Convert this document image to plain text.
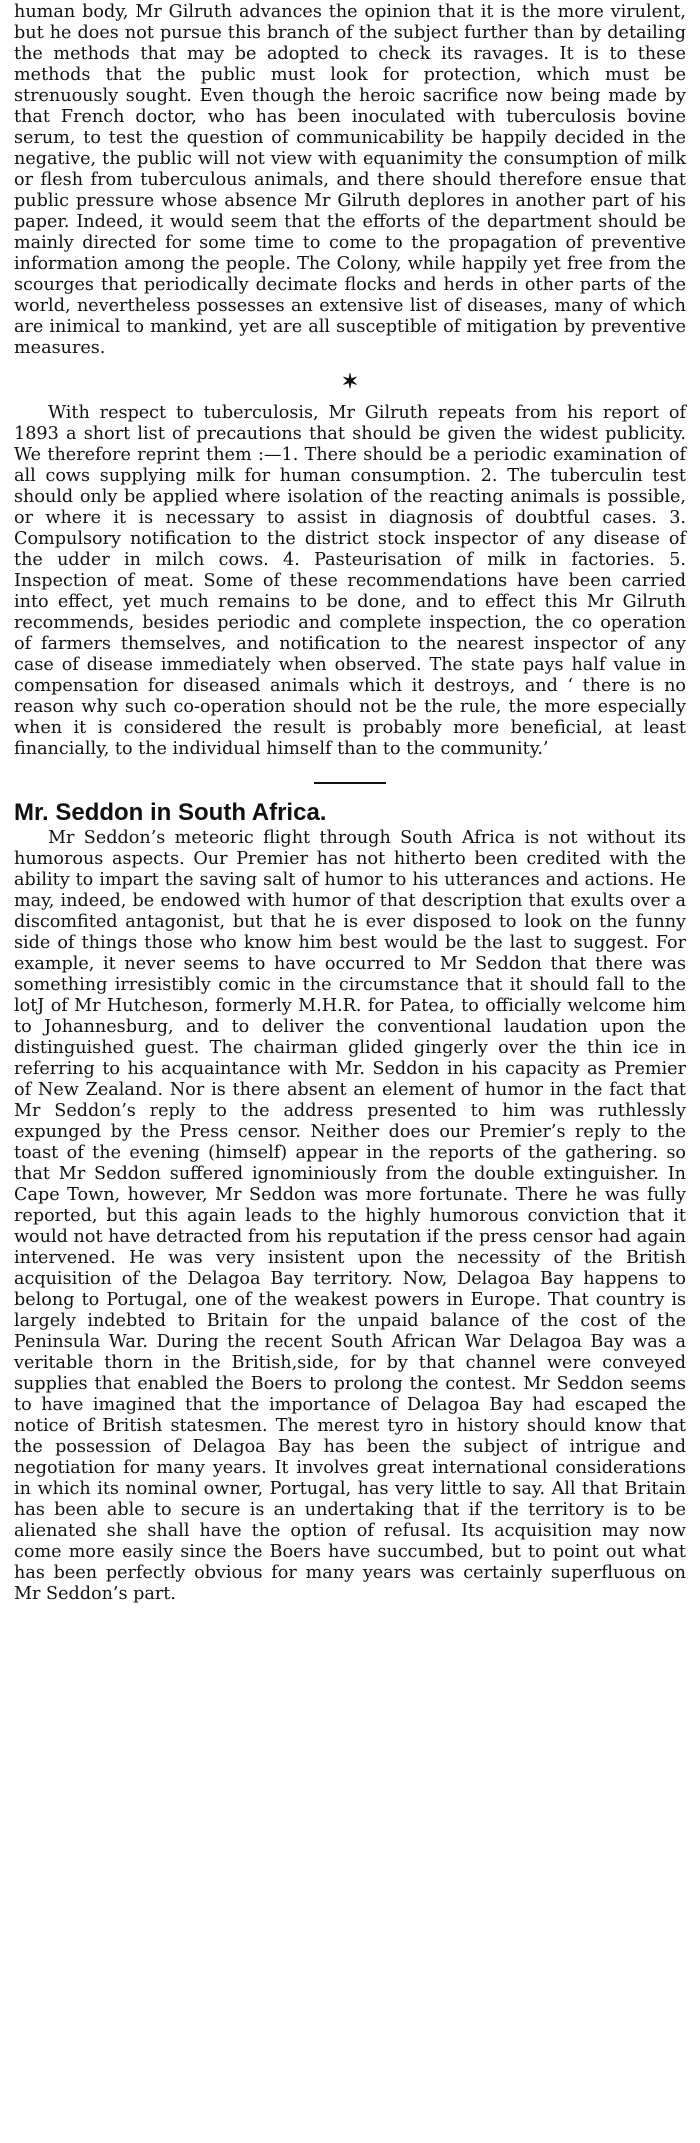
human body, Mr Gilruth advances the opinion that it is the more virulent, but he does not pursue this branch of the subject further than by detailing the methods that may be adopted to check its ravages. It is to these methods that the public must look for protection, which must be strenuously sought. Even though the heroic sacrifice now being made by that French doctor, who has been inoculated with tuberculosis bovine serum, to test the question of communicability be happily decided in the negative, the public will not view with equanimity the consumption of milk or flesh from tuberculous animals, and there should therefore ensue that public pressure whose absence Mr Gilruth deplores in another part of his paper. Indeed, it would seem that the efforts of the department should be mainly directed for some time to come to the propagation of preventive information among the people. The Colony, while happily yet free from the scourges that periodically decimate flocks and herds in other parts of the world, nevertheless possesses an extensive list of diseases, many of which are inimical to mankind, yet are all susceptible of mitigation by preventive measures.

✶

With respect to tuberculosis, Mr Gilruth repeats from his report of 1893 a short list of precautions that should be given the widest publicity. We therefore reprint them :—1. There should be a periodic examination of all cows supplying milk for human consumption. 2. The tuberculin test should only be applied where isolation of the reacting animals is possible, or where it is necessary to assist in diagnosis of doubtful cases. 3. Compulsory notification to the district stock inspector of any disease of the udder in milch cows. 4. Pasteurisation of milk in factories. 5. Inspection of meat. Some of these recommendations have been carried into effect, yet much remains to be done, and to effect this Mr Gilruth recommends, besides periodic and complete inspection, the co operation of farmers themselves, and notification to the nearest inspector of any case of disease immediately when observed. The state pays half value in compensation for diseased animals which it destroys, and ‘ there is no reason why such co-operation should not be the rule, the more especially when it is considered the result is probably more beneficial, at least financially, to the individual himself than to the community.’

Mr. Seddon in South Africa.

Mr Seddon’s meteoric flight through South Africa is not without its humorous aspects. Our Premier has not hitherto been credited with the ability to impart the saving salt of humor to his utterances and actions. He may, indeed, be endowed with humor of that description that exults over a discomfited antagonist, but that he is ever disposed to look on the funny side of things those who know him best would be the last to suggest. For example, it never seems to have occurred to Mr Seddon that there was something irresistibly comic in the circumstance that it should fall to the lotJ of Mr Hutcheson, formerly M.H.R. for Patea, to officially welcome him to Johannesburg, and to deliver the conventional laudation upon the distinguished guest. The chairman glided gingerly over the thin ice in referring to his acquaintance with Mr. Seddon in his capacity as Premier of New Zealand. Nor is there absent an element of humor in the fact that Mr Seddon’s reply to the address presented to him was ruthlessly expunged by the Press censor. Neither does our Premier’s reply to the toast of the evening (himself) appear in the reports of the gathering. so that Mr Seddon suffered ignominiously from the double extinguisher. In Cape Town, however, Mr Seddon was more fortunate. There he was fully reported, but this again leads to the highly humorous conviction that it would not have detracted from his reputation if the press censor had again intervened. He was very insistent upon the necessity of the British acquisition of the Delagoa Bay territory. Now, Delagoa Bay happens to belong to Portugal, one of the weakest powers in Europe. That country is largely indebted to Britain for the unpaid balance of the cost of the Peninsula War. During the recent South African War Delagoa Bay was a veritable thorn in the British,side, for by that channel were conveyed supplies that enabled the Boers to prolong the contest. Mr Seddon seems to have imagined that the importance of Delagoa Bay had escaped the notice of British statesmen. The merest tyro in history should know that the possession of Delagoa Bay has been the subject of intrigue and negotiation for many years. It involves great international considerations in which its nominal owner, Portugal, has very little to say. All that Britain has been able to secure is an undertaking that if the territory is to be alienated she shall have the option of refusal. Its acquisition may now come more easily since the Boers have succumbed, but to point out what has been perfectly obvious for many years was certainly superfluous on Mr Seddon’s part.
